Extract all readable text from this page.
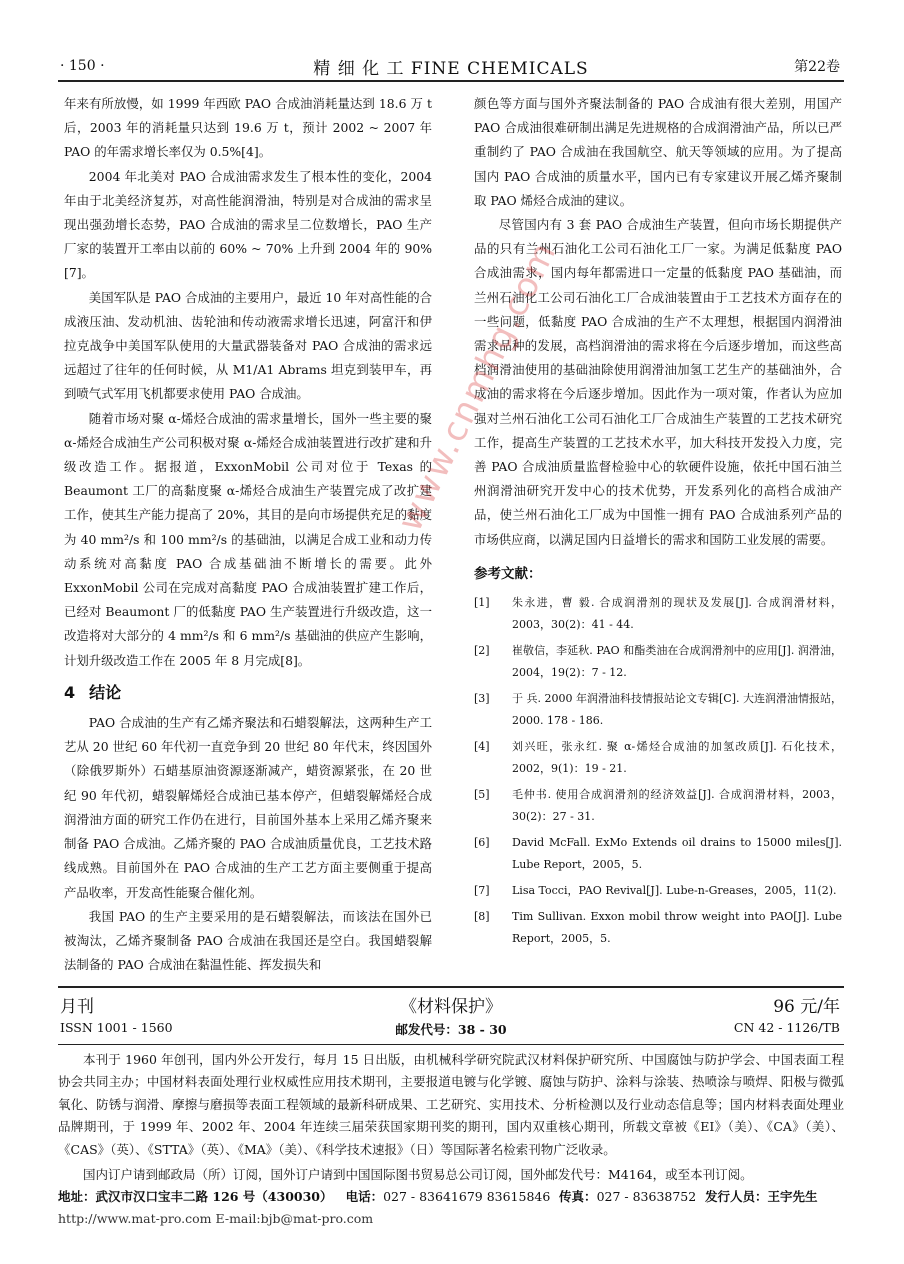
· 150 ·	精 细 化 工 FINE CHEMICALS	第22卷

年来有所放慢，如 1999 年西欧 PAO 合成油消耗量达到 18.6 万 t 后，2003 年的消耗量只达到 19.6 万 t，预计 2002 ~ 2007 年 PAO 的年需求增长率仅为 0.5%[4]。

2004 年北美对 PAO 合成油需求发生了根本性的变化，2004 年由于北美经济复苏，对高性能润滑油，特别是对合成油的需求呈现出强劲增长态势，PAO 合成油的需求呈二位数增长，PAO 生产厂家的装置开工率由以前的 60% ~ 70% 上升到 2004 年的 90%[7]。

美国军队是 PAO 合成油的主要用户，最近 10 年对高性能的合成液压油、发动机油、齿轮油和传动液需求增长迅速，阿富汗和伊拉克战争中美国军队使用的大量武器装备对 PAO 合成油的需求远远超过了往年的任何时候，从 M1/A1 Abrams 坦克到装甲车，再到喷气式军用飞机都要求使用 PAO 合成油。

随着市场对聚 α-烯烃合成油的需求量增长，国外一些主要的聚 α-烯烃合成油生产公司积极对聚 α-烯烃合成油装置进行改扩建和升级改造工作。据报道，ExxonMobil 公司对位于 Texas 的 Beaumont 工厂的高黏度聚 α-烯烃合成油生产装置完成了改扩建工作，使其生产能力提高了 20%，其目的是向市场提供充足的黏度为 40 mm²/s 和 100 mm²/s 的基础油，以满足合成工业和动力传动系统对高黏度 PAO 合成基础油不断增长的需要。此外 ExxonMobil 公司在完成对高黏度 PAO 合成油装置扩建工作后，已经对 Beaumont 厂的低黏度 PAO 生产装置进行升级改造，这一改造将对大部分的 4 mm²/s 和 6 mm²/s 基础油的供应产生影响，计划升级改造工作在 2005 年 8 月完成[8]。

4 结论

PAO 合成油的生产有乙烯齐聚法和石蜡裂解法，这两种生产工艺从 20 世纪 60 年代初一直竞争到 20 世纪 80 年代末，终因国外（除俄罗斯外）石蜡基原油资源逐渐减产，蜡资源紧张，在 20 世纪 90 年代初，蜡裂解烯烃合成油已基本停产，但蜡裂解烯烃合成润滑油方面的研究工作仍在进行，目前国外基本上采用乙烯齐聚来制备 PAO 合成油。乙烯齐聚的 PAO 合成油质量优良，工艺技术路线成熟。目前国外在 PAO 合成油的生产工艺方面主要侧重于提高产品收率，开发高性能聚合催化剂。

我国 PAO 的生产主要采用的是石蜡裂解法，而该法在国外已被淘汰，乙烯齐聚制备 PAO 合成油在我国还是空白。我国蜡裂解法制备的 PAO 合成油在黏温性能、挥发损失和

颜色等方面与国外齐聚法制备的 PAO 合成油有很大差别，用国产 PAO 合成油很难研制出满足先进规格的合成润滑油产品，所以已严重制约了 PAO 合成油在我国航空、航天等领域的应用。为了提高国内 PAO 合成油的质量水平，国内已有专家建议开展乙烯齐聚制取 PAO 烯烃合成油的建议。

尽管国内有 3 套 PAO 合成油生产装置，但向市场长期提供产品的只有兰州石油化工公司石油化工厂一家。为满足低黏度 PAO 合成油需求，国内每年都需进口一定量的低黏度 PAO 基础油，而兰州石油化工公司石油化工厂合成油装置由于工艺技术方面存在的一些问题，低黏度 PAO 合成油的生产不太理想，根据国内润滑油需求品种的发展，高档润滑油的需求将在今后逐步增加，而这些高档润滑油使用的基础油除使用润滑油加氢工艺生产的基础油外，合成油的需求将在今后逐步增加。因此作为一项对策，作者认为应加强对兰州石油化工公司石油化工厂合成油生产装置的工艺技术研究工作，提高生产装置的工艺技术水平，加大科技开发投入力度，完善 PAO 合成油质量监督检验中心的软硬件设施，依托中国石油兰州润滑油研究开发中心的技术优势，开发系列化的高档合成油产品，使兰州石油化工厂成为中国惟一拥有 PAO 合成油系列产品的市场供应商，以满足国内日益增长的需求和国防工业发展的需要。

参考文献：
[1] 朱永进，曹 毅. 合成润滑剂的现状及发展[J]. 合成润滑材料，2003，30(2)：41 - 44.
[2] 崔敬信，李延秋. PAO 和酯类油在合成润滑剂中的应用[J]. 润滑油，2004，19(2)：7 - 12.
[3] 于 兵. 2000 年润滑油科技情报站论文专辑[C]. 大连润滑油情报站，2000. 178 - 186.
[4] 刘兴旺，张永红. 聚 α-烯烃合成油的加氢改质[J]. 石化技术，2002，9(1)：19 - 21.
[5] 毛仲书. 使用合成润滑剂的经济效益[J]. 合成润滑材料，2003，30(2)：27 - 31.
[6] David McFall. ExMo Extends oil drains to 15000 miles[J]. Lube Report，2005，5.
[7] Lisa Tocci，PAO Revival[J]. Lube-n-Greases，2005，11(2).
[8] Tim Sullivan. Exxon mobil throw weight into PAO[J]. Lube Report，2005，5.
www.cnmhg.com
月刊	《材料保护》	96 元/年
ISSN 1001 - 1560	邮发代号：38 - 30	CN 42 - 1126/TB

本刊于 1960 年创刊，国内外公开发行，每月 15 日出版，由机械科学研究院武汉材料保护研究所、中国腐蚀与防护学会、中国表面工程协会共同主办；中国材料表面处理行业权威性应用技术期刊，主要报道电镀与化学镀、腐蚀与防护、涂料与涂装、热喷涂与喷焊、阳极与微弧氧化、防锈与润滑、摩擦与磨损等表面工程领域的最新科研成果、工艺研究、实用技术、分析检测以及行业动态信息等；国内材料表面处理业品牌期刊，于 1999 年、2002 年、2004 年连续三届荣获国家期刊奖的期刊，国内双重核心期刊，所载文章被《EI》（美）、《CA》（美）、《CAS》（英）、《STTA》（英）、《MA》（美）、《科学技术速报》（日）等国际著名检索刊物广泛收录。

国内订户请到邮政局（所）订阅，国外订户请到中国国际图书贸易总公司订阅，国外邮发代号：M4164，或至本刊订阅。

地址：武汉市汉口宝丰二路 126 号（430030） 电话：027 - 83641679 83615846 传真：027 - 83638752 发行人员：王宇先生

http://www.mat-pro.com E-mail:bjb@mat-pro.com
